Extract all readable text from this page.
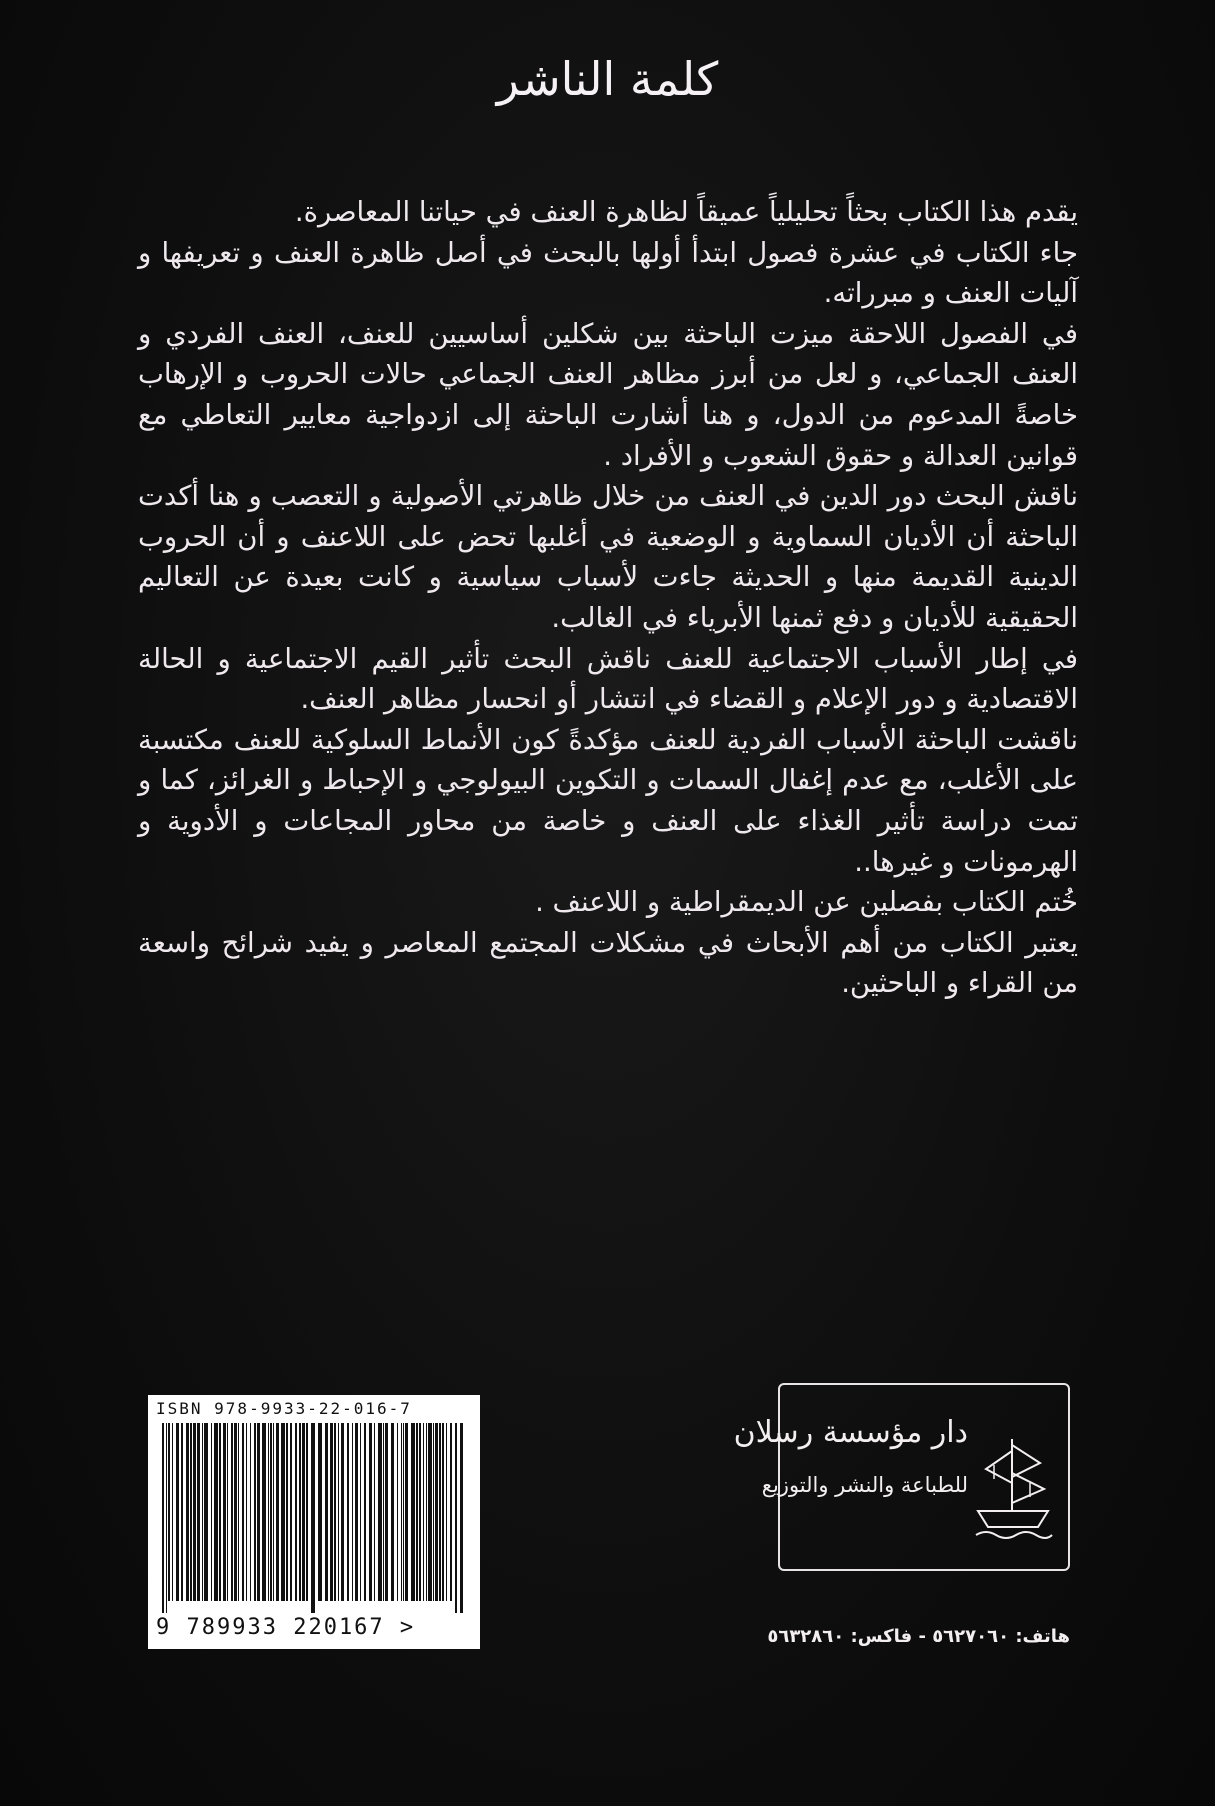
كلمة الناشر

يقدم هذا الكتاب بحثاً تحليلياً عميقاً لظاهرة العنف في حياتنا المعاصرة.

جاء الكتاب في عشرة فصول ابتدأ أولها بالبحث في أصل ظاهرة العنف و تعريفها و آليات العنف و مبرراته.

في الفصول اللاحقة ميزت الباحثة بين شكلين أساسيين للعنف، العنف الفردي و العنف الجماعي، و لعل من أبرز مظاهر العنف الجماعي حالات الحروب و الإرهاب خاصةً المدعوم من الدول، و هنا أشارت الباحثة إلى ازدواجية معايير التعاطي مع قوانين العدالة و حقوق الشعوب و الأفراد .

ناقش البحث دور الدين في العنف من خلال ظاهرتي الأصولية و التعصب و هنا أكدت الباحثة أن الأديان السماوية و الوضعية في أغلبها تحض على اللاعنف و أن الحروب الدينية القديمة منها و الحديثة جاءت لأسباب سياسية و كانت بعيدة عن التعاليم الحقيقية للأديان و دفع ثمنها الأبرياء في الغالب.

في إطار الأسباب الاجتماعية للعنف ناقش البحث تأثير القيم الاجتماعية و الحالة الاقتصادية و دور الإعلام و القضاء في انتشار أو انحسار مظاهر العنف.

ناقشت الباحثة الأسباب الفردية للعنف مؤكدةً كون الأنماط السلوكية للعنف مكتسبة على الأغلب، مع عدم إغفال السمات و التكوين البيولوجي و الإحباط و الغرائز، كما و تمت دراسة تأثير الغذاء على العنف و خاصة من محاور المجاعات و الأدوية و الهرمونات و غيرها..

خُتم الكتاب بفصلين عن الديمقراطية و اللاعنف .

يعتبر الكتاب من أهم الأبحاث في مشكلات المجتمع المعاصر و يفيد شرائح واسعة من القراء و الباحثين.

ISBN 978-9933-22-016-7
9 789933 220167 >
دار مؤسسة رسلان
للطباعة والنشر والتوزيع
هاتف: ٥٦٢٧٠٦٠ - فاكس: ٥٦٣٢٨٦٠
